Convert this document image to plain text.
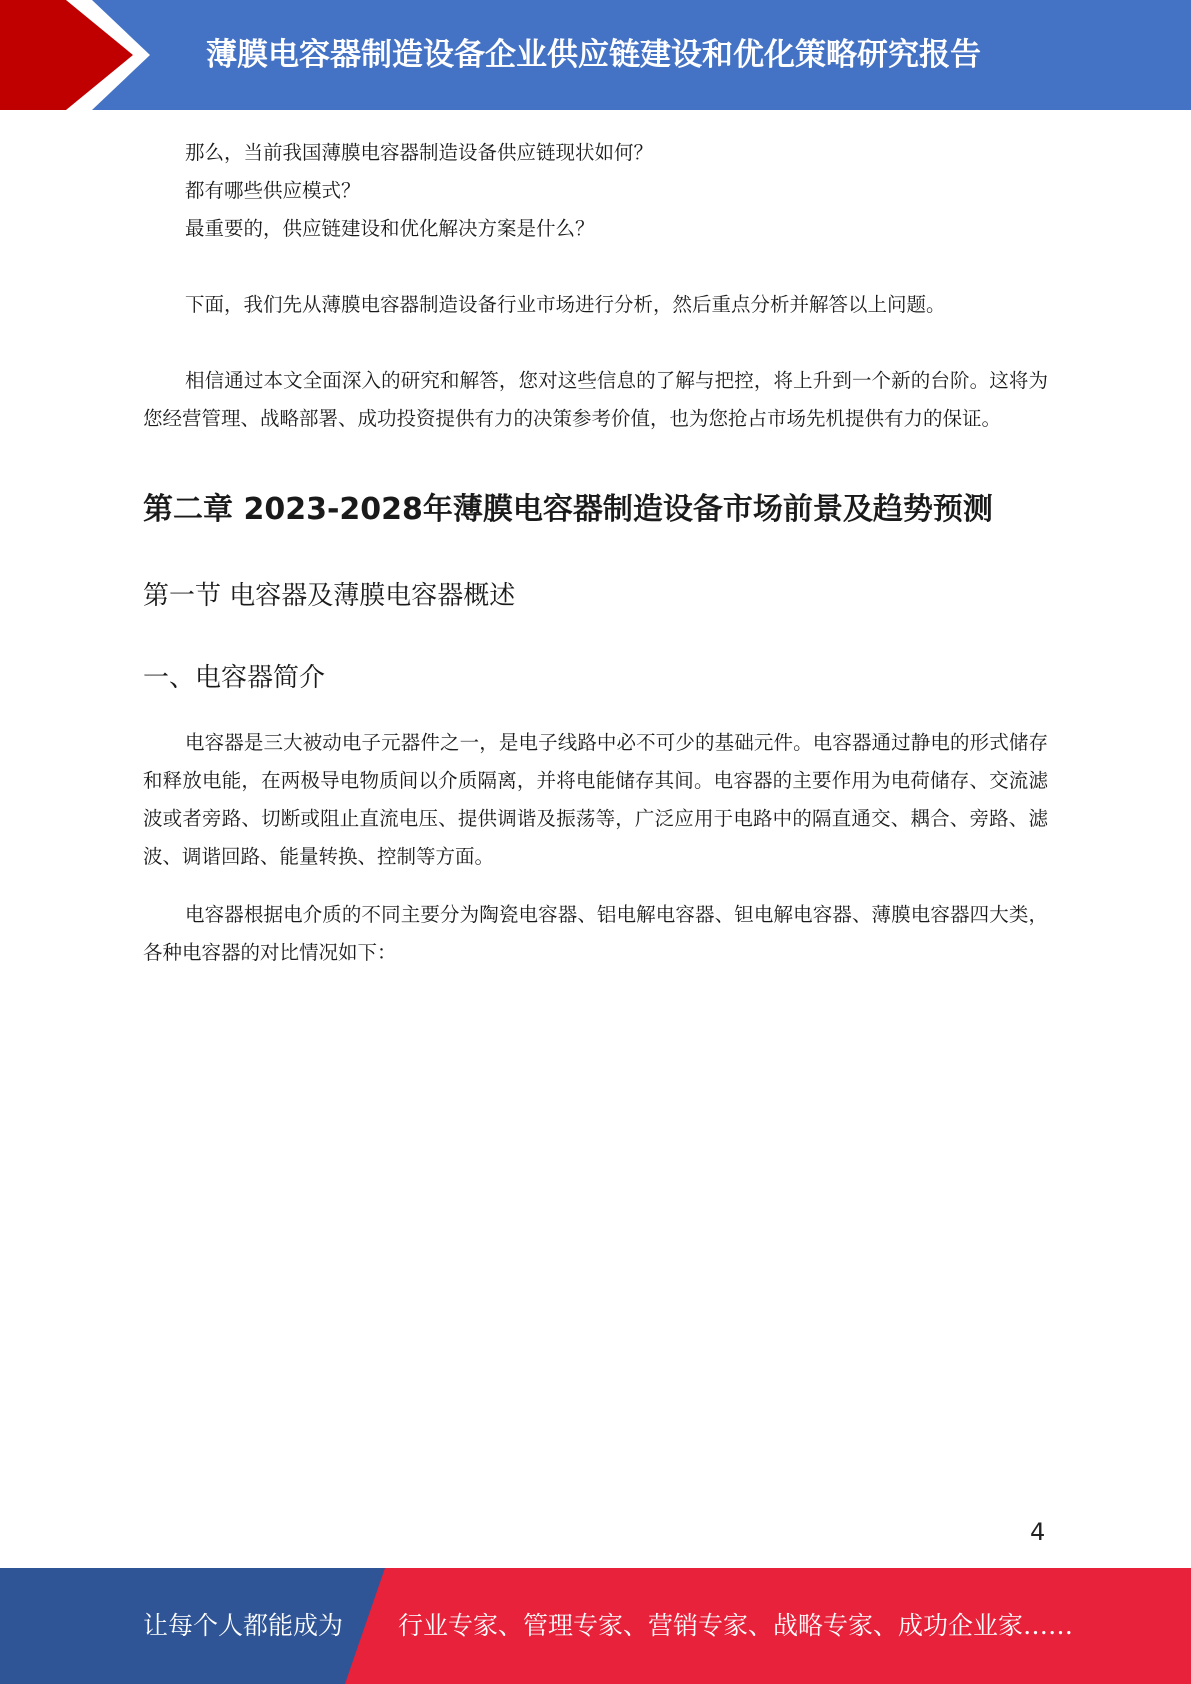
薄膜电容器制造设备企业供应链建设和优化策略研究报告

那么，当前我国薄膜电容器制造设备供应链现状如何？

都有哪些供应模式？

最重要的，供应链建设和优化解决方案是什么？

下面，我们先从薄膜电容器制造设备行业市场进行分析，然后重点分析并解答以上问题。

相信通过本文全面深入的研究和解答，您对这些信息的了解与把控，将上升到一个新的台阶。这将为您经营管理、战略部署、成功投资提供有力的决策参考价值，也为您抢占市场先机提供有力的保证。

第二章 2023-2028年薄膜电容器制造设备市场前景及趋势预测
第一节 电容器及薄膜电容器概述
一、电容器简介

电容器是三大被动电子元器件之一，是电子线路中必不可少的基础元件。电容器通过静电的形式储存和释放电能，在两极导电物质间以介质隔离，并将电能储存其间。电容器的主要作用为电荷储存、交流滤波或者旁路、切断或阻止直流电压、提供调谐及振荡等，广泛应用于电路中的隔直通交、耦合、旁路、滤波、调谐回路、能量转换、控制等方面。

电容器根据电介质的不同主要分为陶瓷电容器、铝电解电容器、钽电解电容器、薄膜电容器四大类，各种电容器的对比情况如下：

4
让每个人都能成为 行业专家、管理专家、营销专家、战略专家、成功企业家……
